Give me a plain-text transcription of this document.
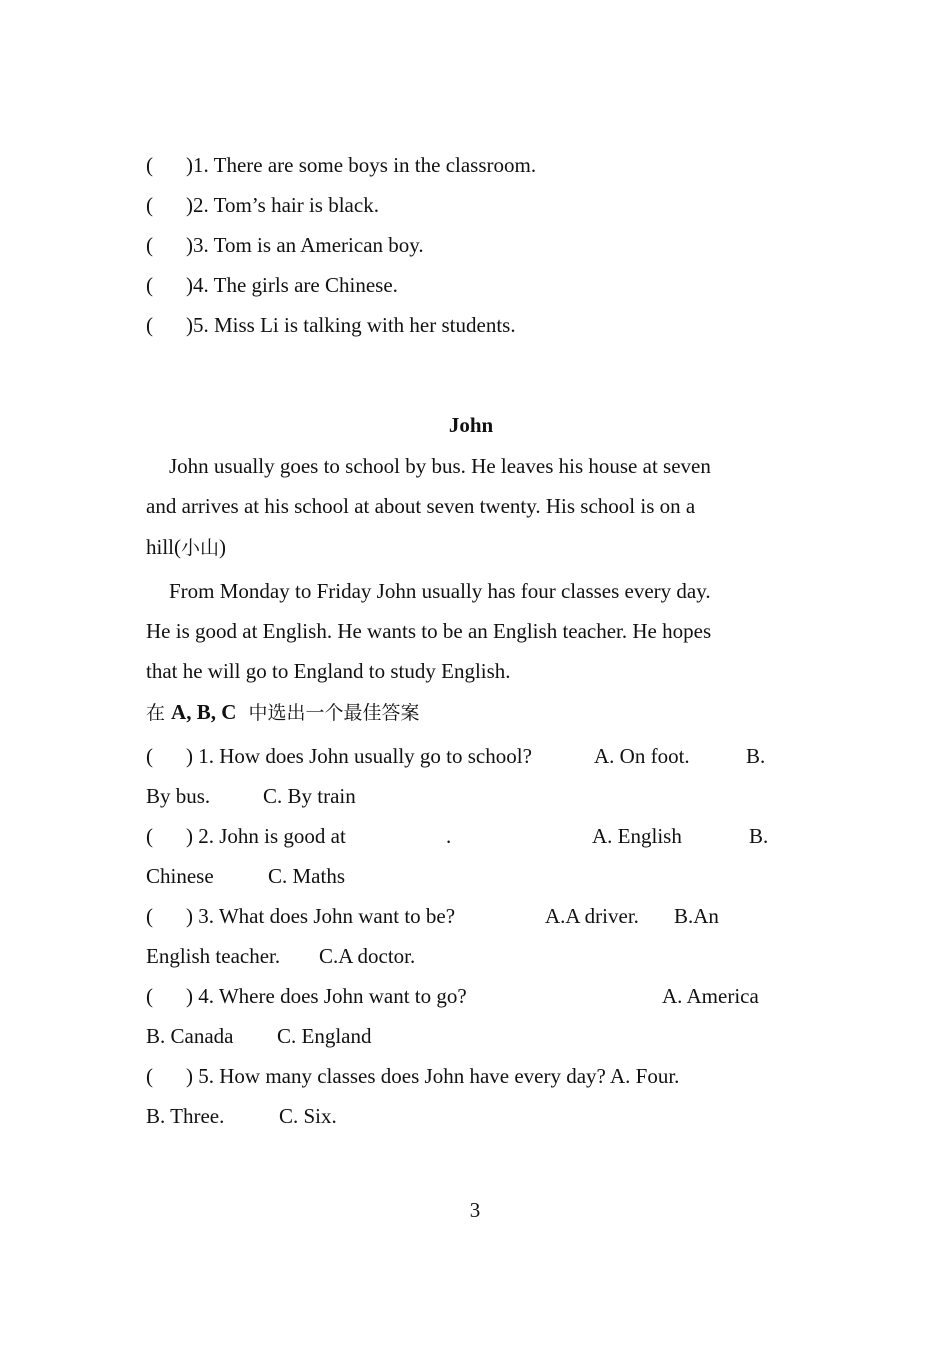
( )1. There are some boys in the classroom.
( )2. Tom’s hair is black.
( )3. Tom is an American boy.
( )4. The girls are Chinese.
( )5. Miss Li is talking with her students.
John
John usually goes to school by bus. He leaves his house at seven
and arrives at his school at about seven twenty. His school is on a
hill(小山)
From Monday to Friday John usually has four classes every day.
He is good at English. He wants to be an English teacher. He hopes
that he will go to England to study English.
在 A, B, C  中选出一个最佳答案
( ) 1. How does John usually go to school?	A. On foot.	B.
By bus.	C. By train
( ) 2. John is good at	.	A. English	B.
Chinese	C. Maths
( ) 3. What does John want to be?	A.A driver. B.An
English teacher. C.A doctor.
( ) 4. Where does John want to go?	A. America
B. Canada C. England
( ) 5. How many classes does John have every day? A. Four.
B. Three.	C. Six.
3
